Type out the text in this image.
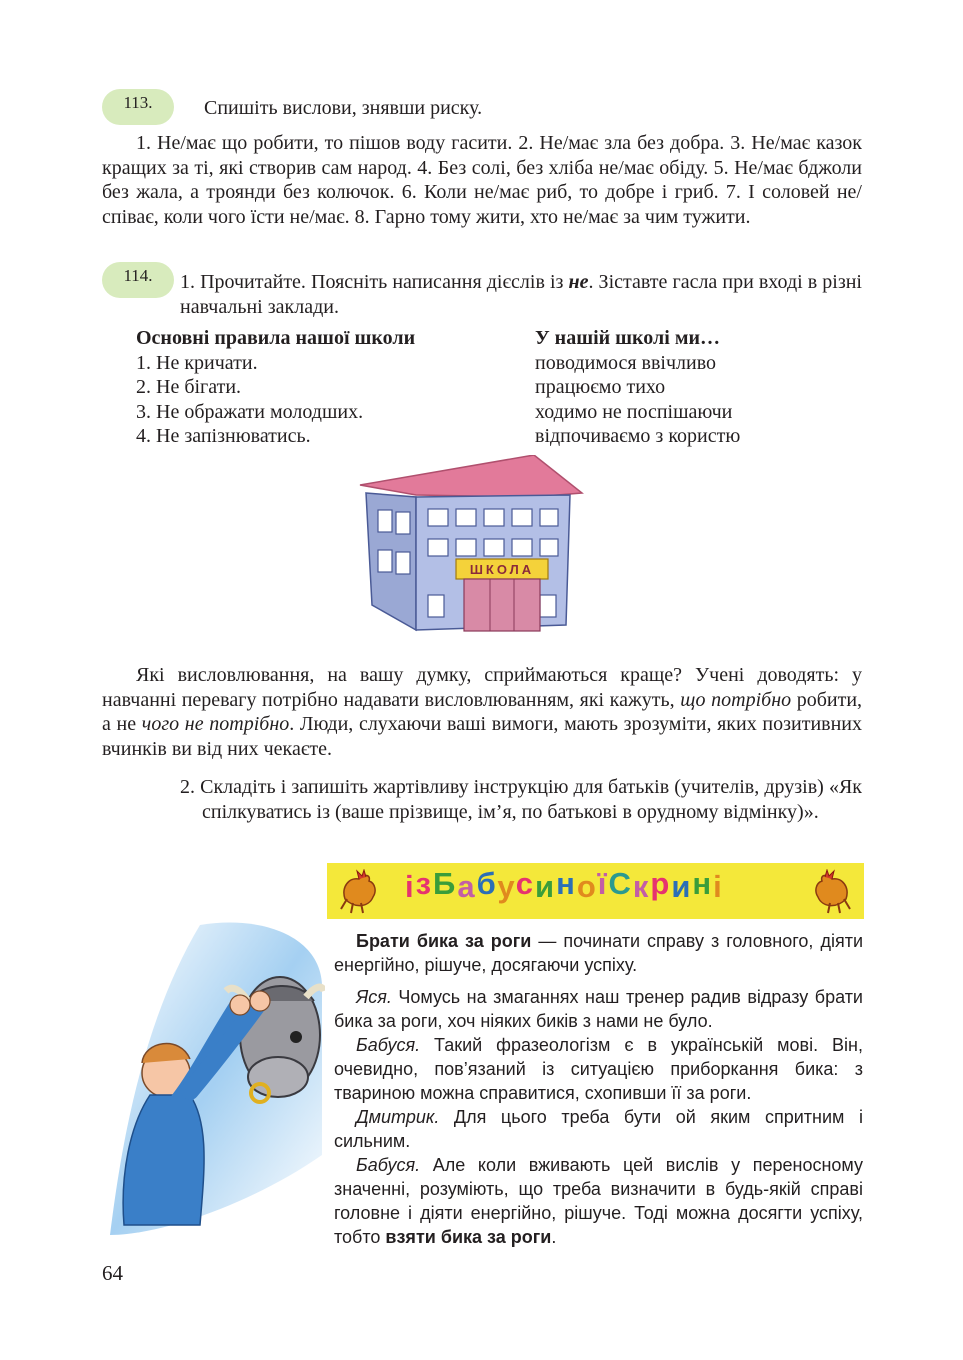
113.	Спишіть вислови, знявши риску.

1. Не/має що робити, то пішов воду гасити. 2. Не/має зла без добра. 3. Не/має казок кращих за ті, які створив сам народ. 4. Без солі, без хліба не/має обіду. 5. Не/має бджоли без жала, а троянди без колючок. 6. Коли не/має риб, то добре і гриб. 7. І соловей не/співає, коли чого їсти не/має. 8. Гарно тому жити, хто не/має за чим тужити.

114.	1. Прочитайте. Поясніть написання дієслів із не. Зіставте гасла при вході в різні навчальні заклади.
Основні правила нашої школи
1. Не кричати.
2. Не бігати.
3. Не ображати молодших.
4. Не запізнюватись.
У нашій школі ми…
поводимося ввічливо
працюємо тихо
ходимо не поспішаючи
відпочиваємо з користю
ШКОЛА

Які висловлювання, на вашу думку, сприймаються краще? Учені доводять: у навчанні перевагу потрібно надавати висловлюванням, які кажуть, що потрібно робити, а не чого не потрібно. Люди, слухаючи ваші вимоги, мають зрозуміти, яких позитивних вчинків ви від них чекаєте.

2. Складіть і запишіть жартівливу інструкцію для батьків (учителів, друзів) «Як спілкуватись із (ваше прізвище, ім’я, по батькові в орудному відмінку)».
ізБабусиноїСкрині

Брати бика за роги — починати справу з головного, діяти енергійно, рішуче, досягаючи успіху.

Яся. Чомусь на змаганнях наш тренер радив відразу брати бика за роги, хоч ніяких биків з нами не було.

Бабуся. Такий фразеологізм є в українській мові. Він, очевидно, пов’язаний із ситуацією приборкання бика: з твариною можна справитися, схопивши її за роги.

Дмитрик. Для цього треба бути ой яким спритним і сильним.

Бабуся. Але коли вживають цей вислів у переносному значенні, розуміють, що треба визначити в будь-якій справі головне і діяти енергійно, рішуче. Тоді можна досягти успіху, тобто взяти бика за роги.

64
